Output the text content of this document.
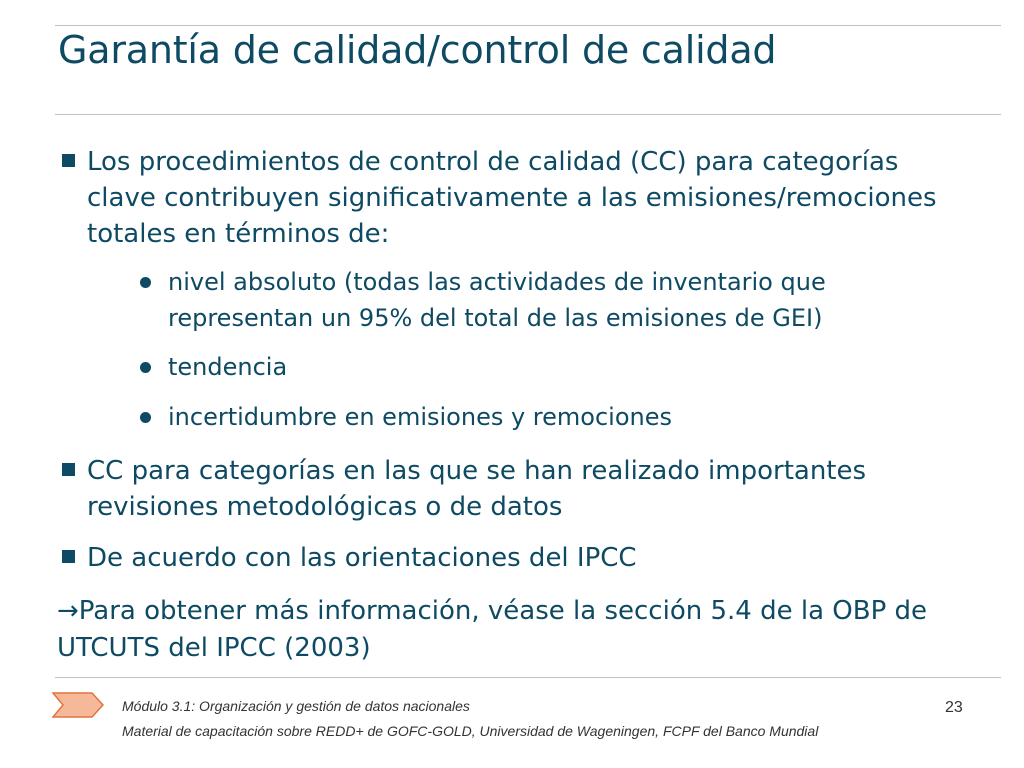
Garantía de calidad/control de calidad
Los procedimientos de control de calidad (CC) para categorías clave contribuyen significativamente a las emisiones/remociones totales en términos de:
nivel absoluto (todas las actividades de inventario que representan un 95% del total de las emisiones de GEI)
tendencia
incertidumbre en emisiones y remociones
CC para categorías en las que se han realizado importantes revisiones metodológicas o de datos
De acuerdo con las orientaciones del IPCC
→Para obtener más información, véase la sección 5.4 de la OBP de UTCUTS del IPCC (2003)
Módulo 3.1: Organización y gestión de datos nacionales
Material de capacitación sobre REDD+ de GOFC-GOLD, Universidad de Wageningen, FCPF del Banco Mundial
23
